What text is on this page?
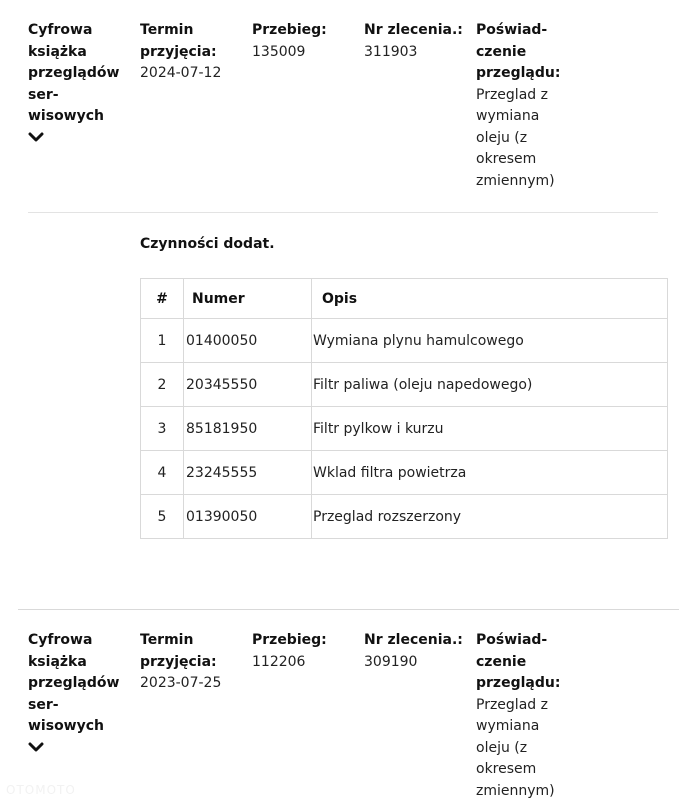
Cyfrowa
książka
przeglądów
ser-
wisowych
Termin
przyjęcia:
2024-07-12
Przebieg:
135009
Nr zlecenia.:
311903
Poświad-
czenie
przeglądu:
Przeglad z
wymiana
oleju (z
okresem
zmiennym)
Czynności dodat.
#	Numer	Opis
1	01400050	Wymiana plynu hamulcowego
2	20345550	Filtr paliwa (oleju napedowego)
3	85181950	Filtr pylkow i kurzu
4	23245555	Wklad filtra powietrza
5	01390050	Przeglad rozszerzony
Cyfrowa
książka
przeglądów
ser-
wisowych
Termin
przyjęcia:
2023-07-25
Przebieg:
112206
Nr zlecenia.:
309190
Poświad-
czenie
przeglądu:
Przeglad z
wymiana
oleju (z
okresem
zmiennym)
OTOMOTO
